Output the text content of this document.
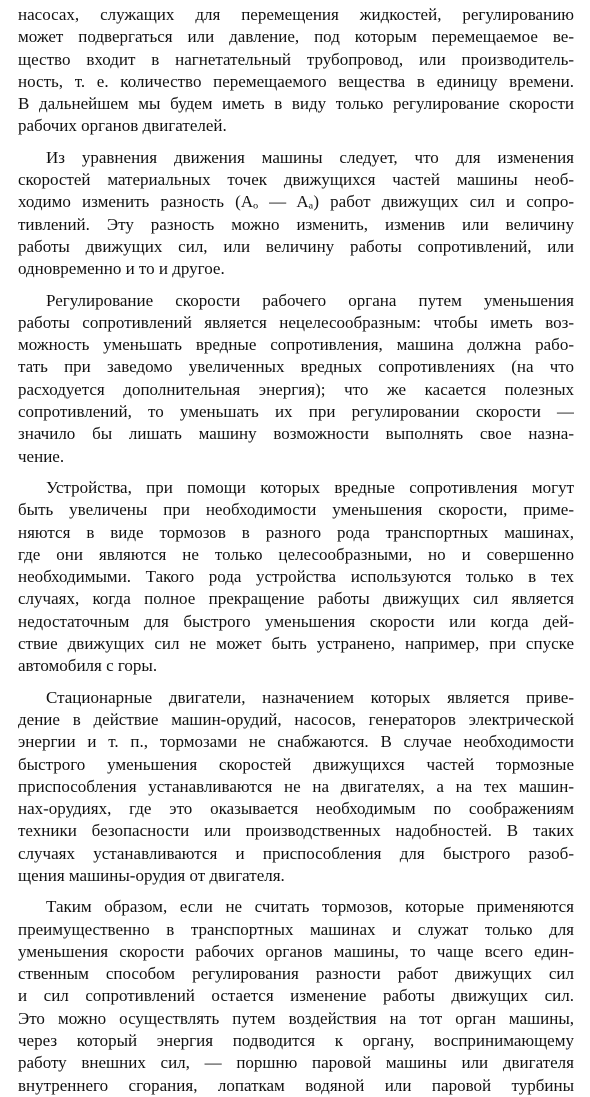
насосах, служащих для перемещения жидкостей, регулированию
может подвергаться или давление, под которым перемещаемое ве-
щество входит в нагнетательный трубопровод, или производитель-
ность, т. е. количество перемещаемого вещества в единицу времени.
В дальнейшем мы будем иметь в виду только регулирование скорости
рабочих органов двигателей.
Из уравнения движения машины следует, что для изменения
скоростей материальных точек движущихся частей машины необ-
ходимо изменить разность (Aₒ — Aₐ) работ движущих сил и сопро-
тивлений. Эту разность можно изменить, изменив или величину
работы движущих сил, или величину работы сопротивлений, или
одновременно и то и другое.
Регулирование скорости рабочего органа путем уменьшения
работы сопротивлений является нецелесообразным: чтобы иметь воз-
можность уменьшать вредные сопротивления, машина должна рабо-
тать при заведомо увеличенных вредных сопротивлениях (на что
расходуется дополнительная энергия); что же касается полезных
сопротивлений, то уменьшать их при регулировании скорости —
значило бы лишать машину возможности выполнять свое назна-
чение.
Устройства, при помощи которых вредные сопротивления могут
быть увеличены при необходимости уменьшения скорости, приме-
няются в виде тормозов в разного рода транспортных машинах,
где они являются не только целесообразными, но и совершенно
необходимыми. Такого рода устройства используются только в тех
случаях, когда полное прекращение работы движущих сил является
недостаточным для быстрого уменьшения скорости или когда дей-
ствие движущих сил не может быть устранено, например, при спуске
автомобиля с горы.
Стационарные двигатели, назначением которых является приве-
дение в действие машин-орудий, насосов, генераторов электрической
энергии и т. п., тормозами не снабжаются. В случае необходимости
быстрого уменьшения скоростей движущихся частей тормозные
приспособления устанавливаются не на двигателях, а на тех машин-
нах-орудиях, где это оказывается необходимым по соображениям
техники безопасности или производственных надобностей. В таких
случаях устанавливаются и приспособления для быстрого разоб-
щения машины-орудия от двигателя.
Таким образом, если не считать тормозов, которые применяются
преимущественно в транспортных машинах и служат только для
уменьшения скорости рабочих органов машины, то чаще всего един-
ственным способом регулирования разности работ движущих сил
и сил сопротивлений остается изменение работы движущих сил.
Это можно осуществлять путем воздействия на тот орган машины,
через который энергия подводится к органу, воспринимающему
работу внешних сил, — поршню паровой машины или двигателя
внутреннего сгорания, лопаткам водяной или паровой турбины
